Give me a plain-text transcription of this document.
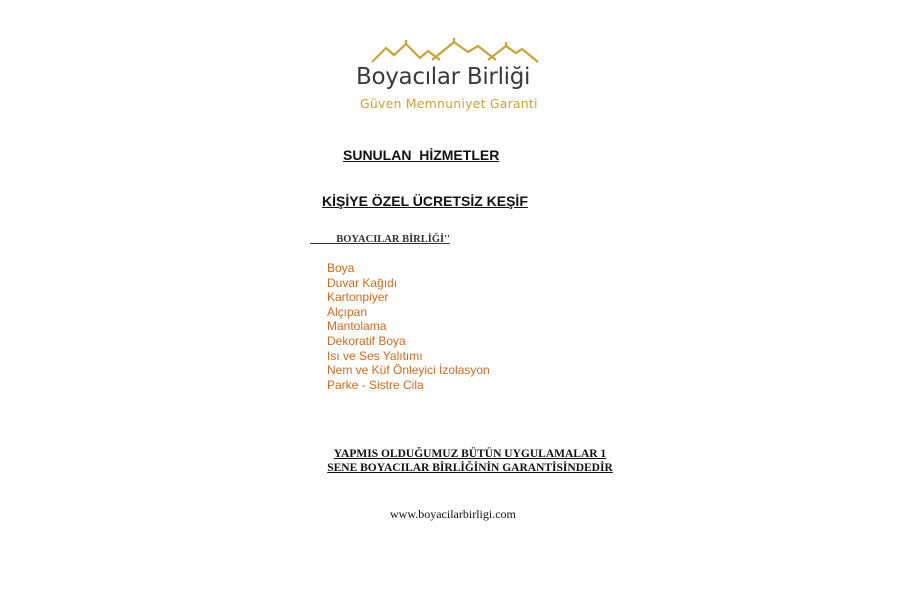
Boyacılar Birliği
Güven Memnuniyet Garanti
SUNULAN  HİZMETLER
KİŞİYE ÖZEL ÜCRETSİZ KEŞİF
BOYACILAR BİRLİĞİ''
Boya
Duvar Kağıdı
Kartonpiyer
Alçıpan
Mantolama
Dekoratif Boya
Isı ve Ses Yalıtımı
Nem ve Küf Önleyici İzolasyon
Parke - Sistre Cila
YAPMIS OLDUĞUMUZ BÜTÜN UYGULAMALAR 1
SENE BOYACILAR BİRLİĞİNİN GARANTİSİNDEDİR
www.boyacilarbirligi.com
